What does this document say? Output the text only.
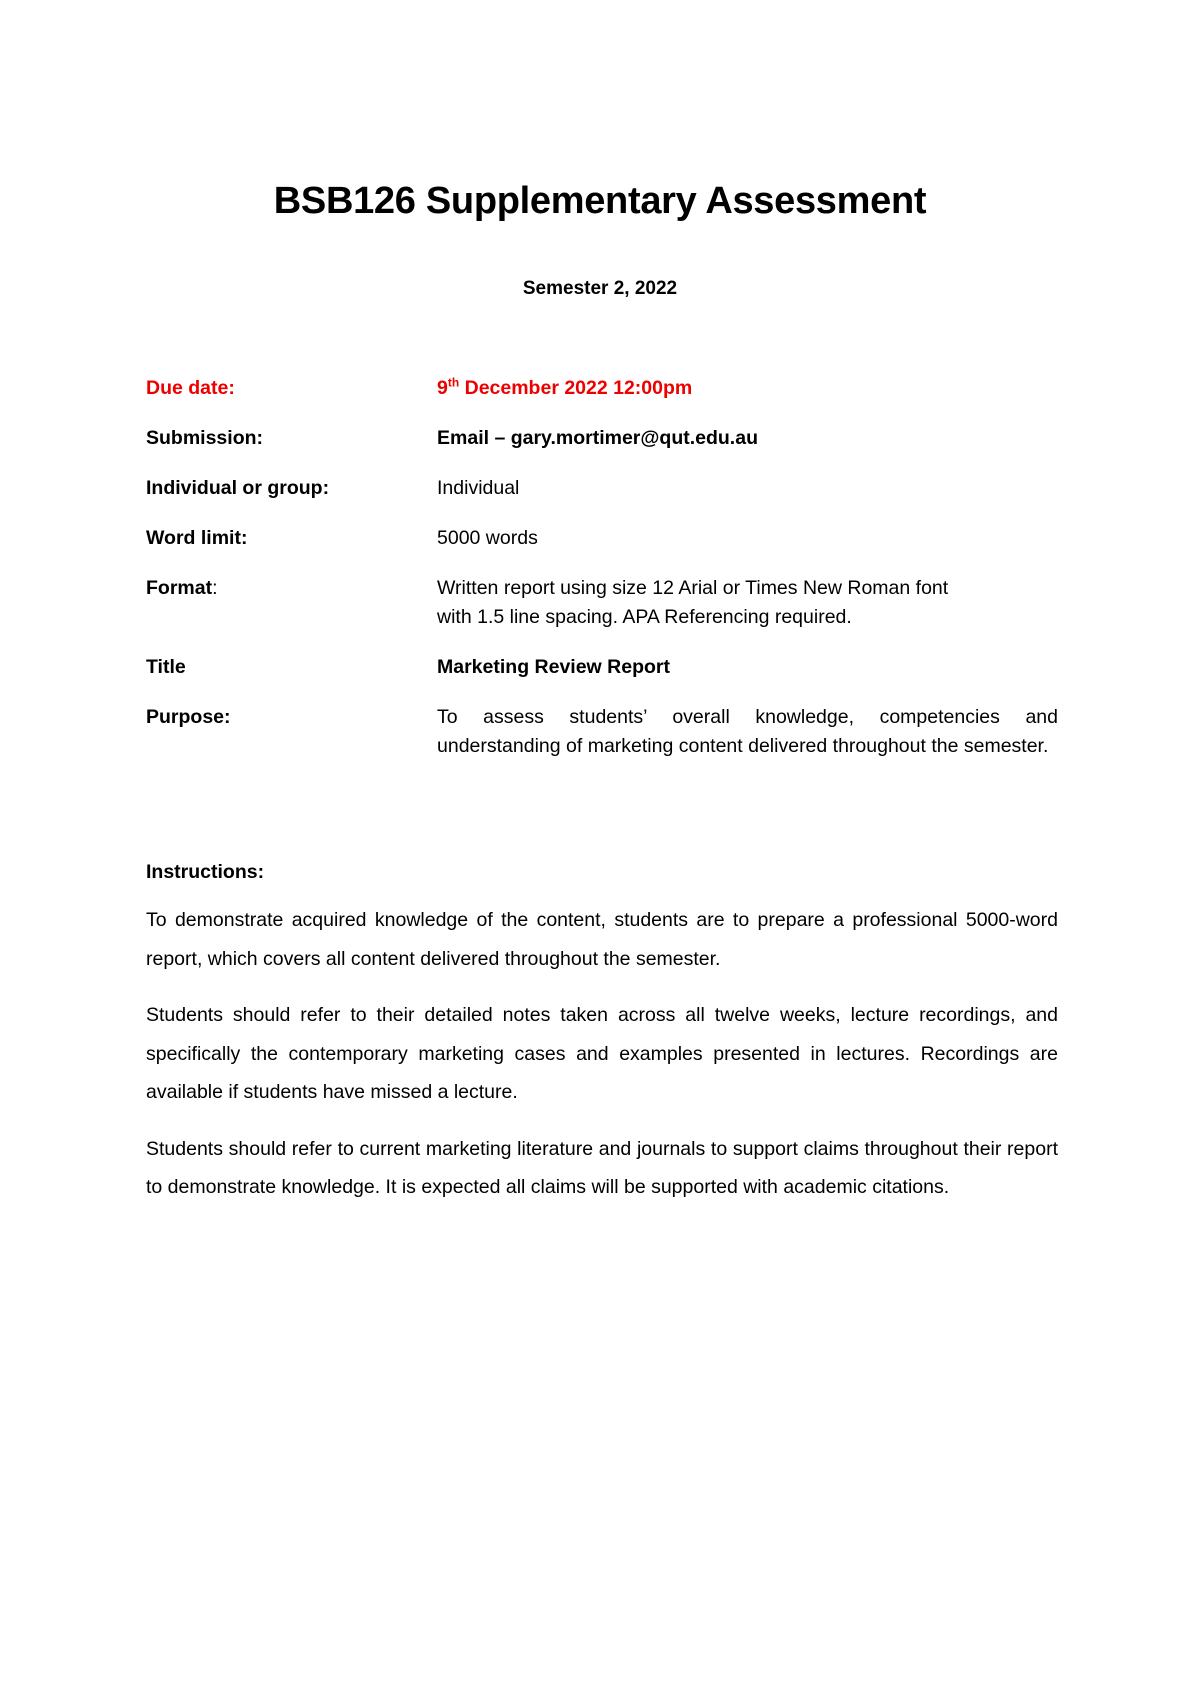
BSB126 Supplementary Assessment

Semester 2, 2022

Due date:	9th December 2022 12:00pm
Submission:	Email – gary.mortimer@qut.edu.au
Individual or group:	Individual
Word limit:	5000 words
Format:	Written report using size 12 Arial or Times New Roman font
with 1.5 line spacing. APA Referencing required.
Title	Marketing Review Report
Purpose:	To assess students’ overall knowledge, competencies and understanding of marketing content delivered throughout the semester.

Instructions:

To demonstrate acquired knowledge of the content, students are to prepare a professional 5000-word report, which covers all content delivered throughout the semester.

Students should refer to their detailed notes taken across all twelve weeks, lecture recordings, and specifically the contemporary marketing cases and examples presented in lectures. Recordings are available if students have missed a lecture.

Students should refer to current marketing literature and journals to support claims throughout their report to demonstrate knowledge. It is expected all claims will be supported with academic citations.
